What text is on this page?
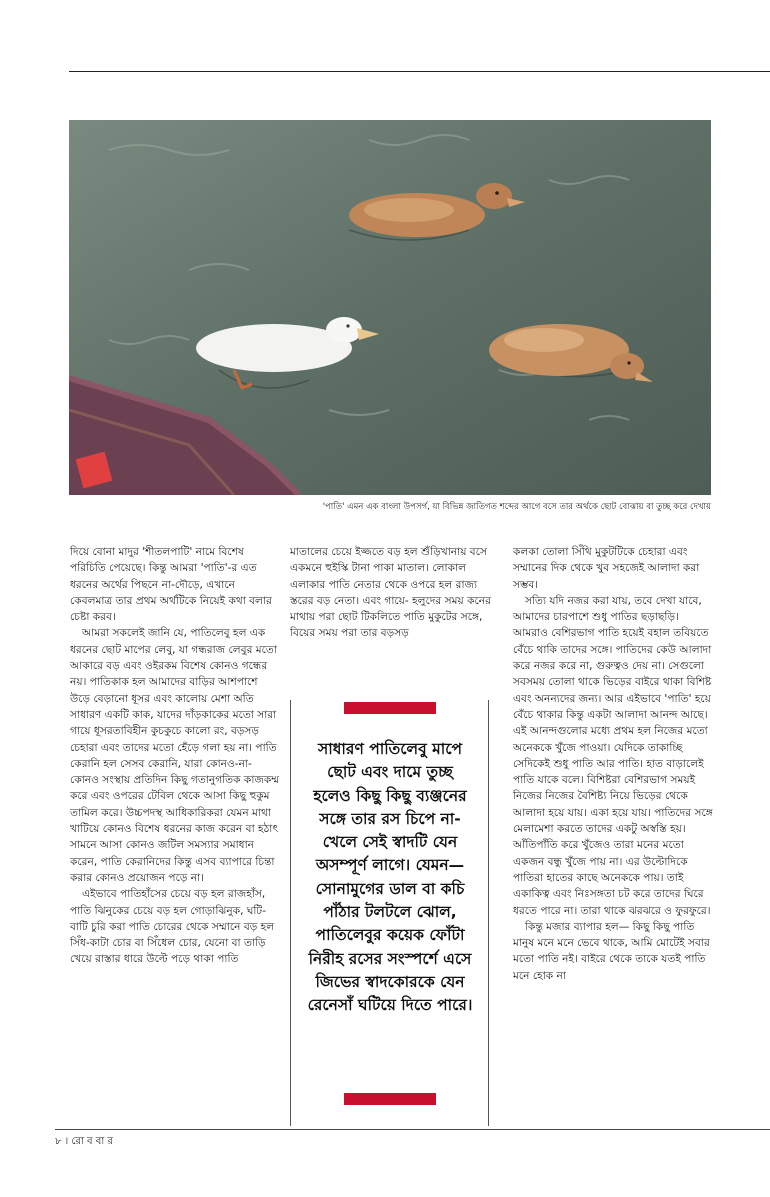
'পাতি' এমন এক বাংলা উপসর্গ, যা বিভিন্ন জাতিগত শব্দের আগে বসে তার অর্থকে ছোট বোঝায় বা তুচ্ছ করে দেখায়

দিয়ে বোনা মাদুর 'শীতলপাটি' নামে বিশেষ পরিচিতি পেয়েছে। কিন্তু আমরা 'পাতি'-র এত ধরনের অর্থের পিছনে না-দৌড়ে, এখানে কেবলমাত্র তার প্রথম অর্থটিকে নিয়েই কথা বলার চেষ্টা করব।

আমরা সকলেই জানি যে, পাতিলেবু হল এক ধরনের ছোট মাপের লেবু, যা গন্ধরাজ লেবুর মতো আকারে বড় এবং ওইরকম বিশেষ কোনও গন্ধের নয়। পাতিকাক হল আমাদের বাড়ির আশপাশে উড়ে বেড়ানো ধূসর এবং কালোয় মেশা অতি সাধারণ একটি কাক, যাদের দাঁড়কাকের মতো সারা গায়ে ধূসরতাবিহীন কুচকুচে কালো রং, বড়সড় চেহারা এবং তাদের মতো হেঁড়ে গলা হয় না। পাতি কেরানি হল সেসব কেরানি, যারা কোনও-না-কোনও সংস্থায় প্রতিদিন কিছু গতানুগতিক কাজকম্ম করে এবং ওপরের টেবিল থেকে আসা কিছু হুকুম তামিল করে। উচ্চপদস্থ আধিকারিকরা যেমন মাথা খাটিয়ে কোনও বিশেষ ধরনের কাজ করেন বা হঠাৎ সামনে আসা কোনও জটিল সমস্যার সমাধান করেন, পাতি কেরানিদের কিন্তু এসব ব্যাপারে চিন্তা করার কোনও প্রয়োজন পড়ে না।

এইভাবে পাতিহাঁসের চেয়ে বড় হল রাজহাঁস, পাতি ঝিনুকের চেয়ে বড় হল গোড়াঝিনুক, ঘটি-বাটি চুরি করা পাতি চোরের থেকে সম্মানে বড় হল সিঁধ-কাটা চোর বা সিঁধেল চোর, যেনো বা তাড়ি খেয়ে রাস্তার ধারে উল্টে পড়ে থাকা পাতি

মাতালের চেয়ে ইজ্জতে বড় হল শুঁড়িখানায় বসে একমনে হুইস্কি টানা পাকা মাতাল। লোকাল এলাকার পাতি নেতার থেকে ওপরে হল রাজ্য স্তরের বড় নেতা। এবং গায়ে- হলুদের সময় কনের মাথায় পরা ছোট টিকলিতে পাতি মুকুটের সঙ্গে, বিয়ের সময় পরা তার বড়সড়

সাধারণ পাতিলেবু মাপে ছোট এবং দামে তুচ্ছ হলেও কিছু কিছু ব্যঞ্জনের সঙ্গে তার রস চিপে না-খেলে সেই স্বাদটি যেন অসম্পূর্ণ লাগে। যেমন— সোনামুগের ডাল বা কচি পাঁঠার টলটলে ঝোল, পাতিলেবুর কয়েক ফোঁটা নিরীহ রসের সংস্পর্শে এসে জিভের স্বাদকোরকে যেন রেনেসাঁ ঘটিয়ে দিতে পারে।

কলকা তোলা সিঁথি মুকুটটিকে চেহারা এবং সম্মানের দিক থেকে খুব সহজেই আলাদা করা সম্ভব।

সত্যি যদি নজর করা যায়, তবে দেখা যাবে, আমাদের চারপাশে শুধু পাতির ছড়াছড়ি। আমরাও বেশিরভাগ পাতি হয়েই বহাল তবিয়তে বেঁচে থাকি তাদের সঙ্গে। পাতিদের কেউ আলাদা করে নজর করে না, গুরুত্বও দেয় না। সেগুলো সবসময় তোলা থাকে ভিড়ের বাইরে থাকা বিশিষ্ট এবং অনন্যদের জন্য। আর এইভাবে 'পাতি' হয়ে বেঁচে থাকার কিন্তু একটা আলাদা আনন্দ আছে। এই আনন্দগুলোর মধ্যে প্রথম হল নিজের মতো অনেককে খুঁজে পাওয়া। যেদিকে তাকাচ্ছি সেদিকেই শুধু পাতি আর পাতি। হাত বাড়ালেই পাতি যাকে বলে। বিশিষ্টরা বেশিরভাগ সময়ই নিজের নিজের বৈশিষ্ট্য নিয়ে ভিড়ের থেকে আলাদা হয়ে যায়। একা হয়ে যায়। পাতিদের সঙ্গে মেলামেশা করতে তাদের একটু অস্বস্তি হয়। আঁতিপাঁতি করে খুঁজেও তারা মনের মতো একজন বন্ধু খুঁজে পায় না। এর উল্টোদিকে পাতিরা হাতের কাছে অনেককে পায়। তাই একাকিত্ব এবং নিঃসঙ্গতা চট করে তাদের ঘিরে ধরতে পারে না। তারা থাকে ঝরঝরে ও ফুরফুরে।

কিন্তু মজার ব্যাপার হল— কিছু কিছু পাতি মানুষ মনে মনে ভেবে থাকে, আমি মোটেই সবার মতো পাতি নই। বাইরে থেকে তাকে যতই পাতি মনে হোক না

৮ । রো ব বা র
